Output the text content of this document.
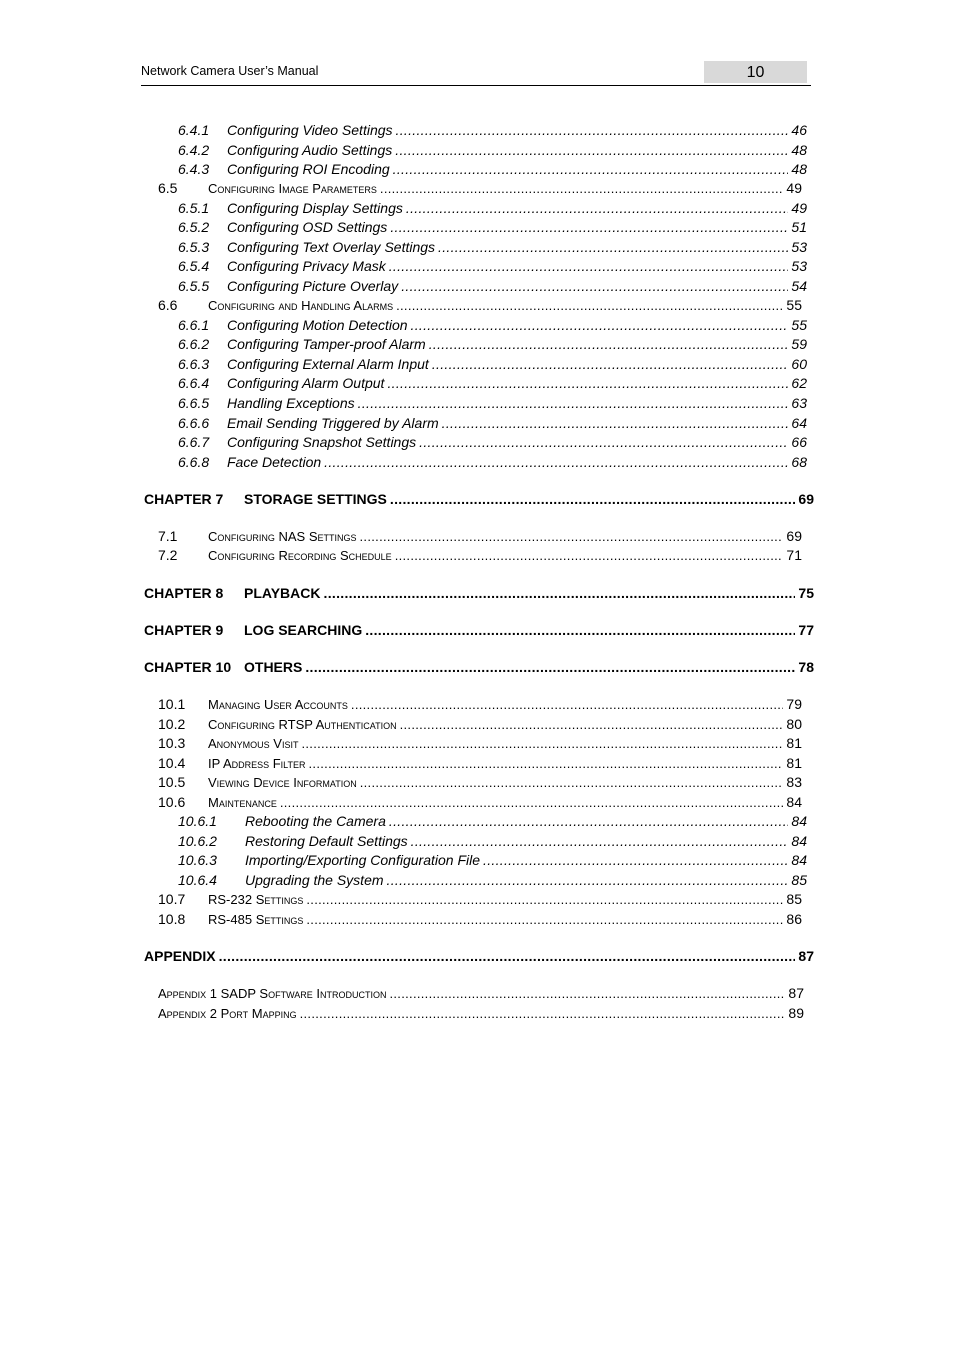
Network Camera User’s Manual	10
6.4.1	Configuring Video Settings .....	46
6.4.2	Configuring Audio Settings .....	48
6.4.3	Configuring ROI Encoding .....	48
6.5	Configuring Image Parameters .....	49
6.5.1	Configuring Display Settings .....	49
6.5.2	Configuring OSD Settings .....	51
6.5.3	Configuring Text Overlay Settings .....	53
6.5.4	Configuring Privacy Mask .....	53
6.5.5	Configuring Picture Overlay .....	54
6.6	Configuring and Handling Alarms .....	55
6.6.1	Configuring Motion Detection .....	55
6.6.2	Configuring Tamper-proof Alarm .....	59
6.6.3	Configuring External Alarm Input .....	60
6.6.4	Configuring Alarm Output .....	62
6.6.5	Handling Exceptions .....	63
6.6.6	Email Sending Triggered by Alarm .....	64
6.6.7	Configuring Snapshot Settings .....	66
6.6.8	Face Detection .....	68
CHAPTER 7	STORAGE SETTINGS .....	69
7.1	Configuring NAS Settings .....	69
7.2	Configuring Recording Schedule .....	71
CHAPTER 8	PLAYBACK .....	75
CHAPTER 9	LOG SEARCHING .....	77
CHAPTER 10 OTHERS .....	78
10.1	Managing User Accounts .....	79
10.2	Configuring RTSP Authentication .....	80
10.3	Anonymous Visit .....	81
10.4	IP Address Filter .....	81
10.5	Viewing Device Information .....	83
10.6	Maintenance .....	84
10.6.1	Rebooting the Camera .....	84
10.6.2	Restoring Default Settings .....	84
10.6.3	Importing/Exporting Configuration File .....	84
10.6.4	Upgrading the System .....	85
10.7	RS-232 Settings .....	85
10.8	RS-485 Settings .....	86
APPENDIX .....	87
Appendix 1 SADP Software Introduction .....	87
Appendix 2 Port Mapping .....	89
